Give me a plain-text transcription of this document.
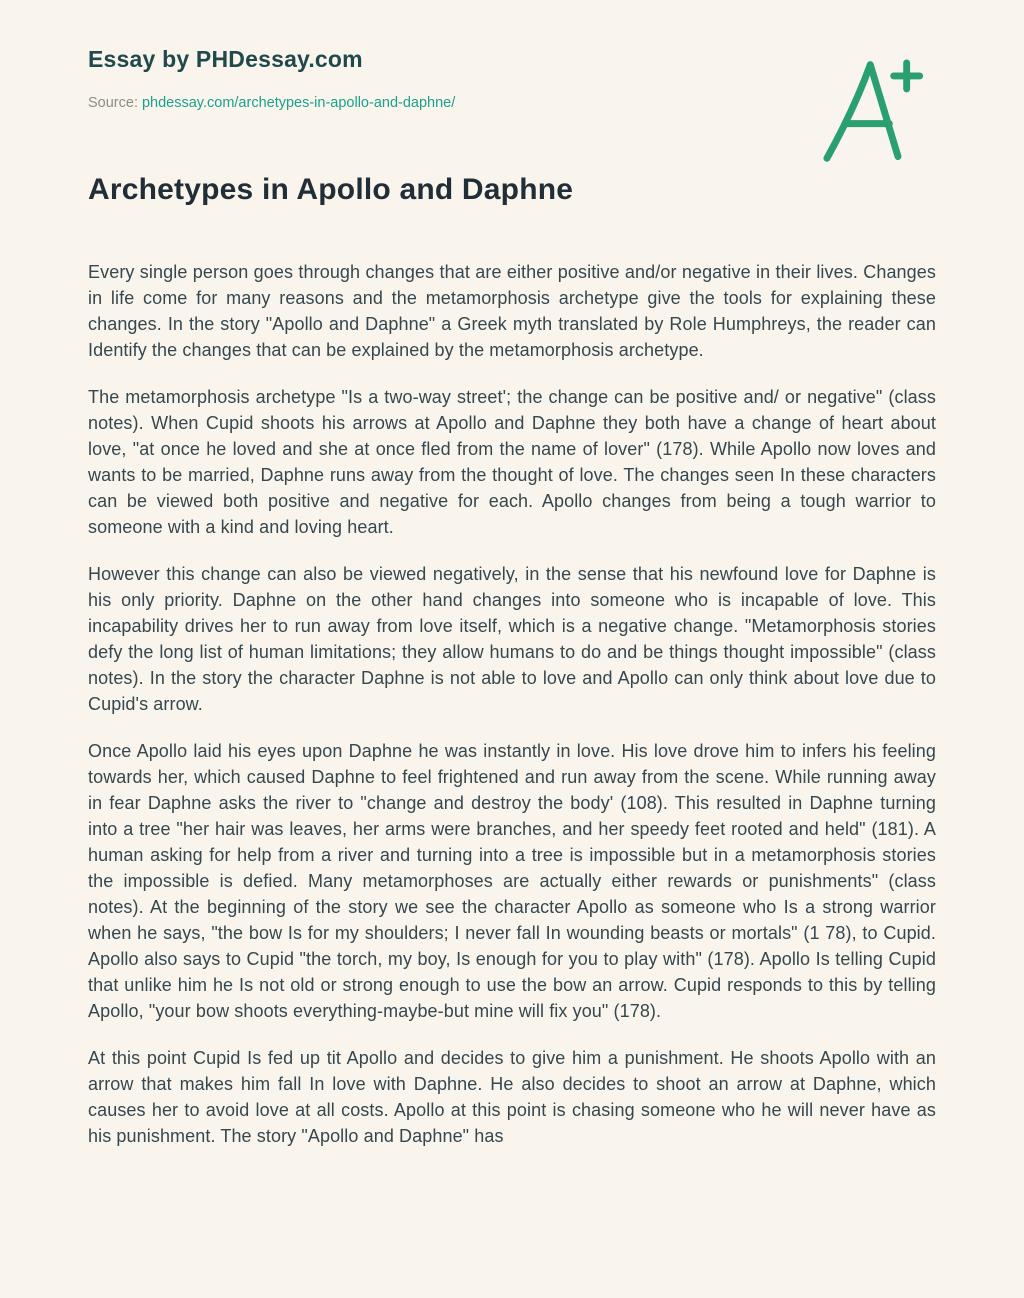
Essay by PHDessay.com
Source: phdessay.com/archetypes-in-apollo-and-daphne/
Archetypes in Apollo and Daphne

Every single person goes through changes that are either positive and/or negative in their lives. Changes in life come for many reasons and the metamorphosis archetype give the tools for explaining these changes. In the story "Apollo and Daphne" a Greek myth translated by Role Humphreys, the reader can Identify the changes that can be explained by the metamorphosis archetype.

The metamorphosis archetype "Is a two-way street'; the change can be positive and/ or negative" (class notes). When Cupid shoots his arrows at Apollo and Daphne they both have a change of heart about love, "at once he loved and she at once fled from the name of lover" (178). While Apollo now loves and wants to be married, Daphne runs away from the thought of love. The changes seen In these characters can be viewed both positive and negative for each. Apollo changes from being a tough warrior to someone with a kind and loving heart.

However this change can also be viewed negatively, in the sense that his newfound love for Daphne is his only priority. Daphne on the other hand changes into someone who is incapable of love. This incapability drives her to run away from love itself, which is a negative change. "Metamorphosis stories defy the long list of human limitations; they allow humans to do and be things thought impossible" (class notes). In the story the character Daphne is not able to love and Apollo can only think about love due to Cupid's arrow.

Once Apollo laid his eyes upon Daphne he was instantly in love. His love drove him to infers his feeling towards her, which caused Daphne to feel frightened and run away from the scene. While running away in fear Daphne asks the river to "change and destroy the body' (108). This resulted in Daphne turning into a tree "her hair was leaves, her arms were branches, and her speedy feet rooted and held" (181). A human asking for help from a river and turning into a tree is impossible but in a metamorphosis stories the impossible is defied. Many metamorphoses are actually either rewards or punishments" (class notes). At the beginning of the story we see the character Apollo as someone who Is a strong warrior when he says, "the bow Is for my shoulders; I never fall In wounding beasts or mortals" (1 78), to Cupid. Apollo also says to Cupid "the torch, my boy, Is enough for you to play with" (178). Apollo Is telling Cupid that unlike him he Is not old or strong enough to use the bow an arrow. Cupid responds to this by telling Apollo, "your bow shoots everything-maybe-but mine will fix you" (178).

At this point Cupid Is fed up tit Apollo and decides to give him a punishment. He shoots Apollo with an arrow that makes him fall In love with Daphne. He also decides to shoot an arrow at Daphne, which causes her to avoid love at all costs. Apollo at this point is chasing someone who he will never have as his punishment. The story "Apollo and Daphne" has
